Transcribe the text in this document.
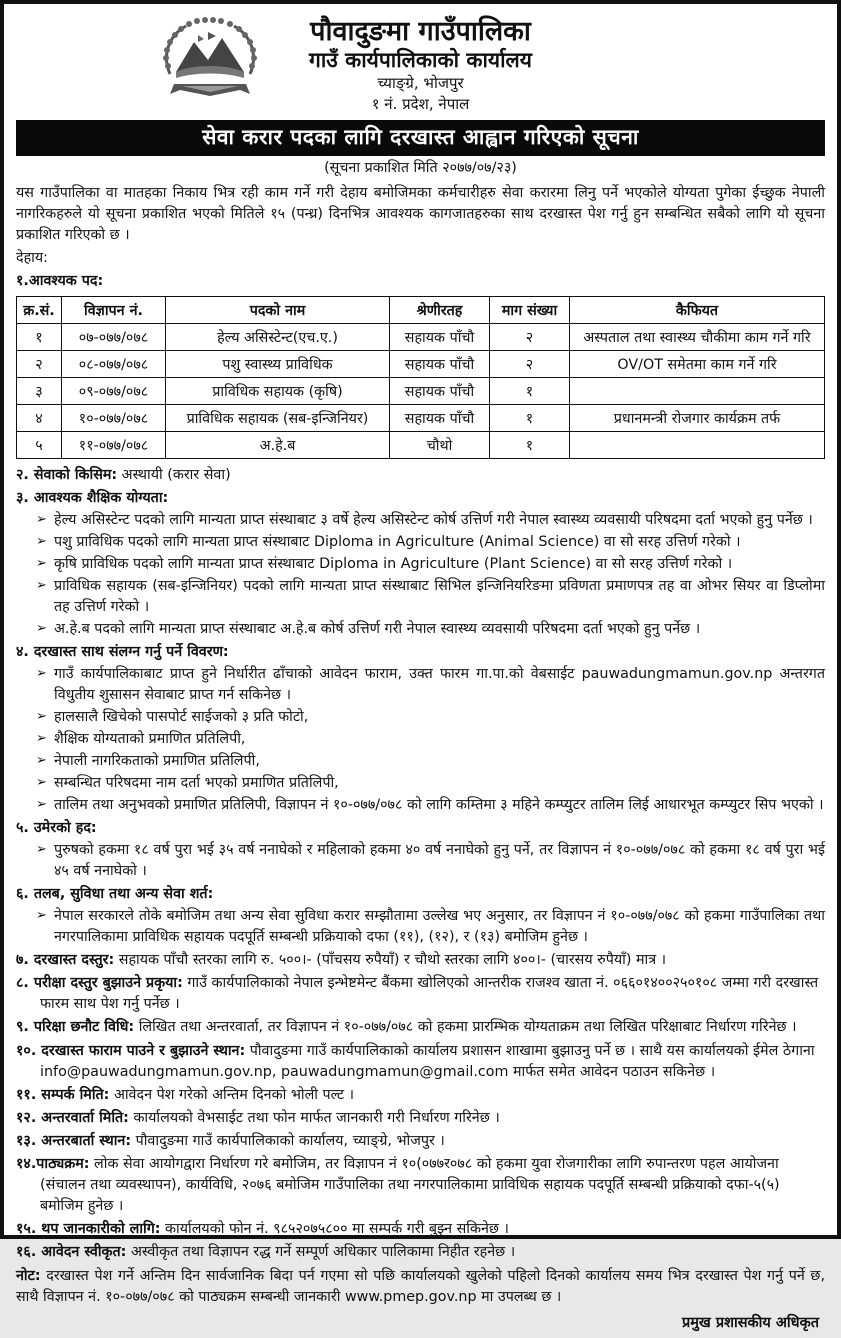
पौवादुङमा गाउँपालिका
गाउँ कार्यपालिकाको कार्यालय
च्याङ्ग्रे, भोजपुर
१ नं. प्रदेश, नेपाल
सेवा करार पदका लागि दरखास्त आह्वान गरिएको सूचना
(सूचना प्रकाशित मिति २०७७/०७/२३)
यस गाउँपालिका वा मातहका निकाय भित्र रही काम गर्ने गरी देहाय बमोजिमका कर्मचारीहरु सेवा करारमा लिनु पर्ने भएकोले योग्यता पुगेका ईच्छुक नेपाली नागरिकहरुले यो सूचना प्रकाशित भएको मितिले १५ (पन्ध्र) दिनभित्र आवश्यक कागजातहरुका साथ दरखास्त पेश गर्नु हुन सम्बन्धित सबैको लागि यो सूचना प्रकाशित गरिएको छ ।
देहाय:
१.आवश्यक पद:
क्र.सं.	विज्ञापन नं.	पदको नाम	श्रेणीरतह	माग संख्या	कैफियत
१	०७-०७७/०७८	हेल्य असिस्टेन्ट(एच.ए.)	सहायक पाँचौ	२	अस्पताल तथा स्वास्थ्य चौकीमा काम गर्ने गरि
२	०८-०७७/०७८	पशु स्वास्थ्य प्राविधिक	सहायक पाँचौ	२	OV/OT समेतमा काम गर्ने गरि
३	०९-०७७/०७८	प्राविधिक सहायक (कृषि)	सहायक पाँचौ	१	
४	१०-०७७/०७८	प्राविधिक सहायक (सब-इन्जिनियर)	सहायक पाँचौ	१	प्रधानमन्त्री रोजगार कार्यक्रम तर्फ
५	११-०७७/०७८	अ.हे.ब	चौथो	१	
२. सेवाको किसिम: अस्थायी (करार सेवा)
३. आवश्यक शैक्षिक योग्यता:
➢ हेल्य असिस्टेन्ट पदको लागि मान्यता प्राप्त संस्थाबाट ३ वर्षे हेल्य असिस्टेन्ट कोर्ष उत्तिर्ण गरी नेपाल स्वास्थ्य व्यवसायी परिषदमा दर्ता भएको हुनु पर्नेछ ।
➢ पशु प्राविधिक पदको लागि मान्यता प्राप्त संस्थाबाट Diploma in Agriculture (Animal Science) वा सो सरह उत्तिर्ण गरेको ।
➢ कृषि प्राविधिक पदको लागि मान्यता प्राप्त संस्थाबाट Diploma in Agriculture (Plant Science) वा सो सरह उत्तिर्ण गरेको ।
➢ प्राविधिक सहायक (सब-इन्जिनियर) पदको लागि मान्यता प्राप्त संस्थाबाट सिभिल इन्जिनियरिङमा प्रविणता प्रमाणपत्र तह वा ओभर सियर वा डिप्लोमा तह उत्तिर्ण गरेको ।
➢ अ.हे.ब पदको लागि मान्यता प्राप्त संस्थाबाट अ.हे.ब कोर्ष उत्तिर्ण गरी नेपाल स्वास्थ्य व्यवसायी परिषदमा दर्ता भएको हुनु पर्नेछ ।
४. दरखास्त साथ संलग्न गर्नु पर्ने विवरण:
➢ गाउँ कार्यपालिकाबाट प्राप्त हुने निर्धारीत ढाँचाको आवेदन फाराम, उक्त फारम गा.पा.को वेबसाईट pauwadungmamun.gov.np अन्तरगत विधुतीय शुसासन सेवाबाट प्राप्त गर्न सकिनेछ ।
➢ हालसालै खिचेको पासपोर्ट साईजको ३ प्रति फोटो,
➢ शैक्षिक योग्यताको प्रमाणित प्रतिलिपी,
➢ नेपाली नागरिकताको प्रमाणित प्रतिलिपी,
➢ सम्बन्धित परिषदमा नाम दर्ता भएको प्रमाणित प्रतिलिपी,
➢ तालिम तथा अनुभवको प्रमाणित प्रतिलिपी, विज्ञापन नं १०-०७७/०७८ को लागि कम्तिमा ३ महिने कम्प्युटर तालिम लिई आधारभूत कम्प्युटर सिप भएको ।
५. उमेरको हद:
➢ पुरुषको हकमा १८ वर्ष पुरा भई ३५ वर्ष ननाघेको र महिलाको हकमा ४० वर्ष ननाघेको हुनु पर्ने, तर विज्ञापन नं १०-०७७/०७८ को हकमा १८ वर्ष पुरा भई ४५ वर्ष ननाघेको ।
६. तलब, सुविधा तथा अन्य सेवा शर्त:
➢ नेपाल सरकारले तोके बमोजिम तथा अन्य सेवा सुविधा करार सम्झौतामा उल्लेख भए अनुसार, तर विज्ञापन नं १०-०७७/०७८ को हकमा गाउँपालिका तथा नगरपालिकामा प्राविधिक सहायक पदपूर्ति सम्बन्धी प्रक्रियाको दफा (११), (१२), र (१३) बमोजिम हुनेछ ।
७. दरखास्त दस्तुर: सहायक पाँचौ स्तरका लागि रु. ५००।- (पाँचसय रुपैयाँ) र चौथो स्तरका लागि ४००।- (चारसय रुपैयाँ) मात्र ।
८. परीक्षा दस्तुर बुझाउने प्रकृया: गाउँ कार्यपालिकाको नेपाल इन्भेष्टमेन्ट बैंकमा खोलिएको आन्तरीक राजश्व खाता नं. ०६६०१४००२५०१०८ जम्मा गरी दरखास्त फारम साथ पेश गर्नु पर्नेछ ।
९. परिक्षा छनौट विधि: लिखित तथा अन्तरवार्ता, तर विज्ञापन नं १०-०७७/०७८ को हकमा प्रारम्भिक योग्यताक्रम तथा लिखित परिक्षाबाट निर्धारण गरिनेछ ।
१०. दरखास्त फाराम पाउने र बुझाउने स्थान: पौवादुङमा गाउँ कार्यपालिकाको कार्यालय प्रशासन शाखामा बुझाउनु पर्ने छ । साथै यस कार्यालयको ईमेल ठेगाना info@pauwadungmamun.gov.np, pauwadungmamun@gmail.com मार्फत समेत आवेदन पठाउन सकिनेछ ।
११. सम्पर्क मिति: आवेदन पेश गरेको अन्तिम दिनको भोली पल्ट ।
१२. अन्तरवार्ता मिति: कार्यालयको वेभसाईट तथा फोन मार्फत जानकारी गरी निर्धारण गरिनेछ ।
१३. अन्तरबार्ता स्थान: पौवादुङमा गाउँ कार्यपालिकाको कार्यालय, च्याङ्ग्रे, भोजपुर ।
१४.पाठ्यक्रम: लोक सेवा आयोगद्वारा निर्धारण गरे बमोजिम, तर विज्ञापन नं १०(०७७र०७८ को हकमा युवा रोजगारीका लागि रुपान्तरण पहल आयोजना (संचालन तथा व्यवस्थापन), कार्यविधि, २०७६ बमोजिम गाउँपालिका तथा नगरपालिकामा प्राविधिक सहायक पदपूर्ति सम्बन्धी प्रक्रियाको दफा-५(५) बमोजिम हुनेछ ।
१५. थप जानकारीको लागि: कार्यालयको फोन नं. ९८५२०७५८०० मा सम्पर्क गरी बुझ्न सकिनेछ ।
१६. आवेदन स्वीकृत: अस्वीकृत तथा विज्ञापन रद्ध गर्ने सम्पूर्ण अधिकार पालिकामा निहीत रहनेछ ।
नोट: दरखास्त पेश गर्ने अन्तिम दिन सार्वजानिक बिदा पर्न गएमा सो पछि कार्यालयको खुलेको पहिलो दिनको कार्यालय समय भित्र दरखास्त पेश गर्नु पर्ने छ, साथै विज्ञापन नं. १०-०७७/०७८ को पाठ्यक्रम सम्बन्धी जानकारी www.pmep.gov.np मा उपलब्ध छ ।
प्रमुख प्रशासकीय अधिकृत
